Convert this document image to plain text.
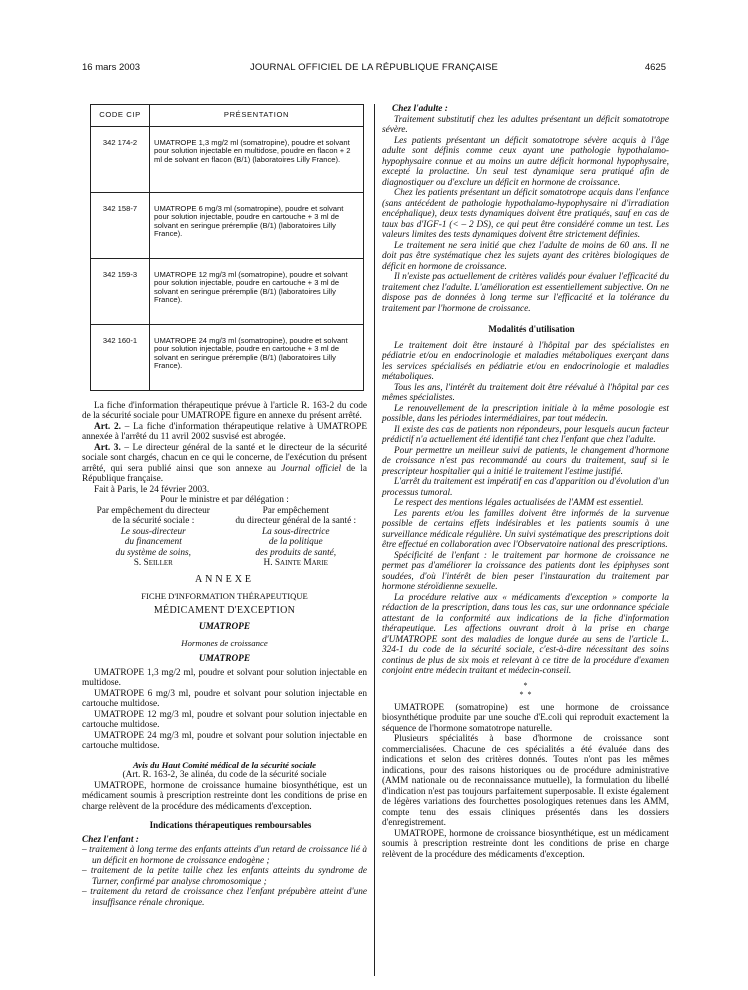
16 mars 2003	JOURNAL OFFICIEL DE LA RÉPUBLIQUE FRANÇAISE	4625
CODE CIP	PRÉSENTATION
342 174-2	UMATROPE 1,3 mg/2 ml (somatropine), poudre et solvant pour solution injectable en multidose, poudre en flacon + 2 ml de solvant en flacon (B/1) (laboratoires Lilly France).
342 158-7	UMATROPE 6 mg/3 ml (somatropine), poudre et solvant pour solution injectable, poudre en cartouche + 3 ml de solvant en seringue préremplie (B/1) (laboratoires Lilly France).
342 159-3	UMATROPE 12 mg/3 ml (somatropine), poudre et solvant pour solution injectable, poudre en cartouche + 3 ml de solvant en seringue préremplie (B/1) (laboratoires Lilly France).
342 160-1	UMATROPE 24 mg/3 ml (somatropine), poudre et solvant pour solution injectable, poudre en cartouche + 3 ml de solvant en seringue préremplie (B/1) (laboratoires Lilly France).

La fiche d'information thérapeutique prévue à l'article R. 163-2 du code de la sécurité sociale pour UMATROPE figure en annexe du présent arrêté.

Art. 2. – La fiche d'information thérapeutique relative à UMATROPE annexée à l'arrêté du 11 avril 2002 susvisé est abrogée.

Art. 3. – Le directeur général de la santé et le directeur de la sécurité sociale sont chargés, chacun en ce qui le concerne, de l'exécution du présent arrêté, qui sera publié ainsi que son annexe au Journal officiel de la République française.

Fait à Paris, le 24 février 2003.

Pour le ministre et par délégation :

Par empêchement du directeur
de la sécurité sociale :
Le sous-directeur
du financement
du système de soins,
S. Seiller
Par empêchement
du directeur général de la santé :
La sous-directrice
de la politique
des produits de santé,
H. Sainte Marie
ANNEXE

FICHE D'INFORMATION THÉRAPEUTIQUE

MÉDICAMENT D'EXCEPTION

UMATROPE

Hormones de croissance

UMATROPE

UMATROPE 1,3 mg/2 ml, poudre et solvant pour solution injectable en multidose.

UMATROPE 6 mg/3 ml, poudre et solvant pour solution injectable en cartouche multidose.

UMATROPE 12 mg/3 ml, poudre et solvant pour solution injectable en cartouche multidose.

UMATROPE 24 mg/3 ml, poudre et solvant pour solution injectable en cartouche multidose.

Avis du Haut Comité médical de la sécurité sociale

(Art. R. 163-2, 3e alinéa, du code de la sécurité sociale

UMATROPE, hormone de croissance humaine biosynthétique, est un médicament soumis à prescription restreinte dont les conditions de prise en charge relèvent de la procédure des médicaments d'exception.

Indications thérapeutiques remboursables

Chez l'enfant :

– traitement à long terme des enfants atteints d'un retard de croissance lié à un déficit en hormone de croissance endogène ;
– traitement de la petite taille chez les enfants atteints du syndrome de Turner, confirmé par analyse chromosomique ;
– traitement du retard de croissance chez l'enfant prépubère atteint d'une insuffisance rénale chronique.

Chez l'adulte :

Traitement substitutif chez les adultes présentant un déficit somatotrope sévère.

Les patients présentant un déficit somatotrope sévère acquis à l'âge adulte sont définis comme ceux ayant une pathologie hypothalamo-hypophysaire connue et au moins un autre déficit hormonal hypophysaire, excepté la prolactine. Un seul test dynamique sera pratiqué afin de diagnostiquer ou d'exclure un déficit en hormone de croissance.

Chez les patients présentant un déficit somatotrope acquis dans l'enfance (sans antécédent de pathologie hypothalamo-hypophysaire ni d'irradiation encéphalique), deux tests dynamiques doivent être pratiqués, sauf en cas de taux bas d'IGF-1 (< – 2 DS), ce qui peut être considéré comme un test. Les valeurs limites des tests dynamiques doivent être strictement définies.

Le traitement ne sera initié que chez l'adulte de moins de 60 ans. Il ne doit pas être systématique chez les sujets ayant des critères biologiques de déficit en hormone de croissance.

Il n'existe pas actuellement de critères validés pour évaluer l'efficacité du traitement chez l'adulte. L'amélioration est essentiellement subjective. On ne dispose pas de données à long terme sur l'efficacité et la tolérance du traitement par l'hormone de croissance.

Modalités d'utilisation

Le traitement doit être instauré à l'hôpital par des spécialistes en pédiatrie et/ou en endocrinologie et maladies métaboliques exerçant dans les services spécialisés en pédiatrie et/ou en endocrinologie et maladies métaboliques.

Tous les ans, l'intérêt du traitement doit être réévalué à l'hôpital par ces mêmes spécialistes.

Le renouvellement de la prescription initiale à la même posologie est possible, dans les périodes intermédiaires, par tout médecin.

Il existe des cas de patients non répondeurs, pour lesquels aucun facteur prédictif n'a actuellement été identifié tant chez l'enfant que chez l'adulte.

Pour permettre un meilleur suivi de patients, le changement d'hormone de croissance n'est pas recommandé au cours du traitement, sauf si le prescripteur hospitalier qui a initié le traitement l'estime justifié.

L'arrêt du traitement est impératif en cas d'apparition ou d'évolution d'un processus tumoral.

Le respect des mentions légales actualisées de l'AMM est essentiel.

Les parents et/ou les familles doivent être informés de la survenue possible de certains effets indésirables et les patients soumis à une surveillance médicale régulière. Un suivi systématique des prescriptions doit être effectué en collaboration avec l'Observatoire national des prescriptions.

Spécificité de l'enfant : le traitement par hormone de croissance ne permet pas d'améliorer la croissance des patients dont les épiphyses sont soudées, d'où l'intérêt de bien peser l'instauration du traitement par hormone stéroïdienne sexuelle.

La procédure relative aux « médicaments d'exception » comporte la rédaction de la prescription, dans tous les cas, sur une ordonnance spéciale attestant de la conformité aux indications de la fiche d'information thérapeutique. Les affections ouvrant droit à la prise en charge d'UMATROPE sont des maladies de longue durée au sens de l'article L. 324-1 du code de la sécurité sociale, c'est-à-dire nécessitant des soins continus de plus de six mois et relevant à ce titre de la procédure d'examen conjoint entre médecin traitant et médecin-conseil.

*
*  *

UMATROPE (somatropine) est une hormone de croissance biosynthétique produite par une souche d'E.coli qui reproduit exactement la séquence de l'hormone somatotrope naturelle.

Plusieurs spécialités à base d'hormone de croissance sont commercialisées. Chacune de ces spécialités a été évaluée dans des indications et selon des critères donnés. Toutes n'ont pas les mêmes indications, pour des raisons historiques ou de procédure administrative (AMM nationale ou de reconnaissance mutuelle), la formulation du libellé d'indication n'est pas toujours parfaitement superposable. Il existe également de légères variations des fourchettes posologiques retenues dans les AMM, compte tenu des essais cliniques présentés dans les dossiers d'enregistrement.

UMATROPE, hormone de croissance biosynthétique, est un médicament soumis à prescription restreinte dont les conditions de prise en charge relèvent de la procédure des médicaments d'exception.
